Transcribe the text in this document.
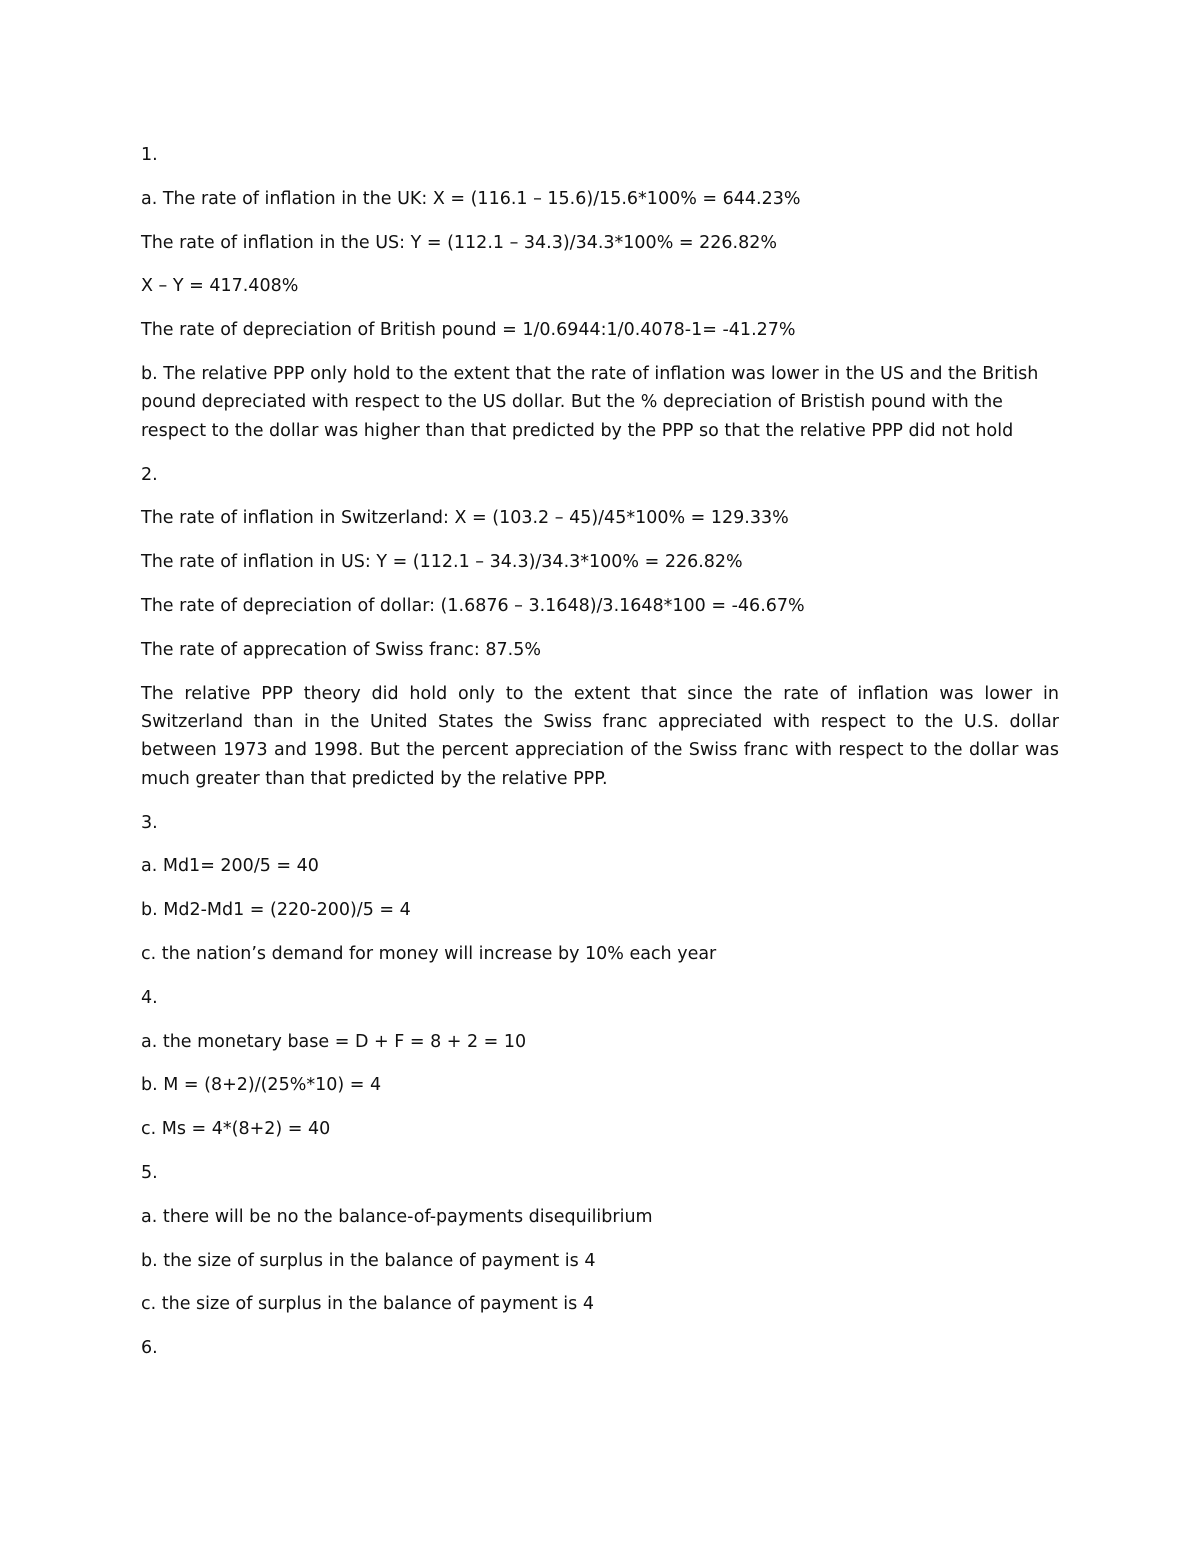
1.

a. The rate of inflation in the UK: X = (116.1 – 15.6)/15.6*100% = 644.23%

The rate of inflation in the US: Y = (112.1 – 34.3)/34.3*100% = 226.82%

X – Y = 417.408%

The rate of depreciation of British pound = 1/0.6944:1/0.4078-1= -41.27%

b. The relative PPP only hold to the extent that the rate of inflation was lower in the US and the British pound depreciated with respect to the US dollar. But the % depreciation of Bristish pound with the respect to the dollar was higher than that predicted by the PPP so that the relative PPP did not hold

2.

The rate of inflation in Switzerland: X = (103.2 – 45)/45*100% = 129.33%

The rate of inflation in US: Y = (112.1 – 34.3)/34.3*100% = 226.82%

The rate of depreciation of dollar: (1.6876 – 3.1648)/3.1648*100 = -46.67%

The rate of apprecation of Swiss franc: 87.5%

The relative PPP theory did hold only to the extent that since the rate of inflation was lower in Switzerland than in the United States the Swiss franc appreciated with respect to the U.S. dollar between 1973 and 1998. But the percent appreciation of the Swiss franc with respect to the dollar was much greater than that predicted by the relative PPP.

3.

a. Md1= 200/5 = 40

b. Md2-Md1 = (220-200)/5 = 4

c. the nation’s demand for money will increase by 10% each year

4.

a. the monetary base = D + F = 8 + 2 = 10

b. M = (8+2)/(25%*10) = 4

c. Ms = 4*(8+2) = 40

5.

a. there will be no the balance-of-payments disequilibrium

b. the size of surplus in the balance of payment is 4

c. the size of surplus in the balance of payment is 4

6.
